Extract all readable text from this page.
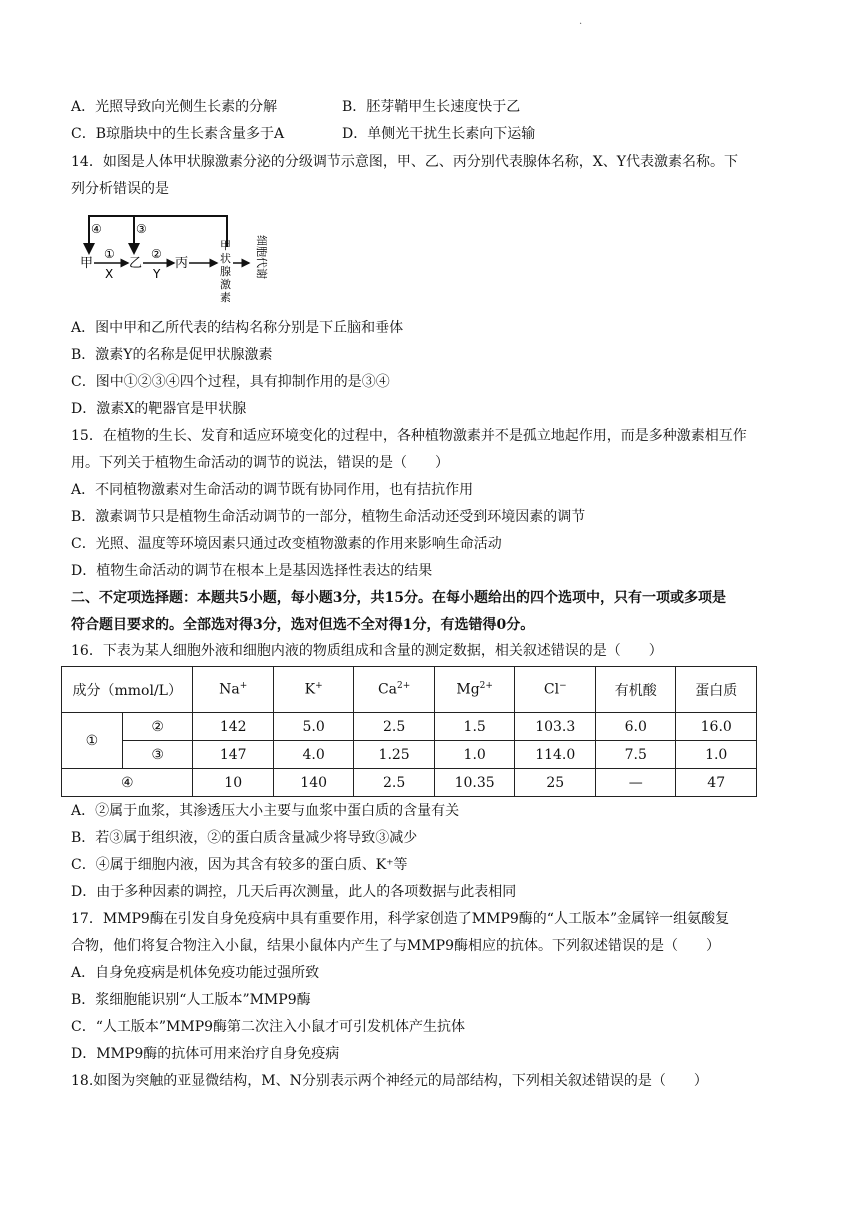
.
A．光照导致向光侧生长素的分解	B．胚芽鞘甲生长速度快于乙
C．B琼脂块中的生长素含量多于A	D．单侧光干扰生长素向下运输
14．如图是人体甲状腺激素分泌的分级调节示意图，甲、乙、丙分别代表腺体名称，X、Y代表激素名称。下
列分析错误的是
④	③
甲
①
X
乙
②
Y
丙
甲
状
腺
激
素
细胞代谢
A．图中甲和乙所代表的结构名称分别是下丘脑和垂体
B．激素Y的名称是促甲状腺激素
C．图中①②③④四个过程，具有抑制作用的是③④
D．激素X的靶器官是甲状腺
15．在植物的生长、发育和适应环境变化的过程中，各种植物激素并不是孤立地起作用，而是多种激素相互作
用。下列关于植物生命活动的调节的说法，错误的是（　　）
A．不同植物激素对生命活动的调节既有协同作用，也有拮抗作用
B．激素调节只是植物生命活动调节的一部分，植物生命活动还受到环境因素的调节
C．光照、温度等环境因素只通过改变植物激素的作用来影响生命活动
D．植物生命活动的调节在根本上是基因选择性表达的结果
二、不定项选择题：本题共5小题，每小题3分，共15分。在每小题给出的四个选项中，只有一项或多项是
符合题目要求的。全部选对得3分，选对但选不全对得1分，有选错得0分。
16．下表为某人细胞外液和细胞内液的物质组成和含量的测定数据，相关叙述错误的是（　　）
成分（mmol/L）		Na+	K+	$Ca^{2+}$	$Mg^{2+}$	Cl−	有机酸	蛋白质
①	②	142	5.0	2.5	1.5	103.3	6.0	16.0
	③	147	4.0	1.25	1.0	114.0	7.5	1.0
④		10	140	2.5	10.35	25	—	47
A．②属于血浆，其渗透压大小主要与血浆中蛋白质的含量有关
B．若③属于组织液，②的蛋白质含量减少将导致③减少
C．④属于细胞内液，因为其含有较多的蛋白质、K⁺等
D．由于多种因素的调控，几天后再次测量，此人的各项数据与此表相同
17．MMP9酶在引发自身免疫病中具有重要作用，科学家创造了MMP9酶的“人工版本”金属锌一组氨酸复
合物，他们将复合物注入小鼠，结果小鼠体内产生了与MMP9酶相应的抗体。下列叙述错误的是（　　）
A．自身免疫病是机体免疫功能过强所致
B．浆细胞能识别“人工版本”MMP9酶
C．“人工版本”MMP9酶第二次注入小鼠才可引发机体产生抗体
D．MMP9酶的抗体可用来治疗自身免疫病
18.如图为突触的亚显微结构，M、N分别表示两个神经元的局部结构，下列相关叙述错误的是（　　）
